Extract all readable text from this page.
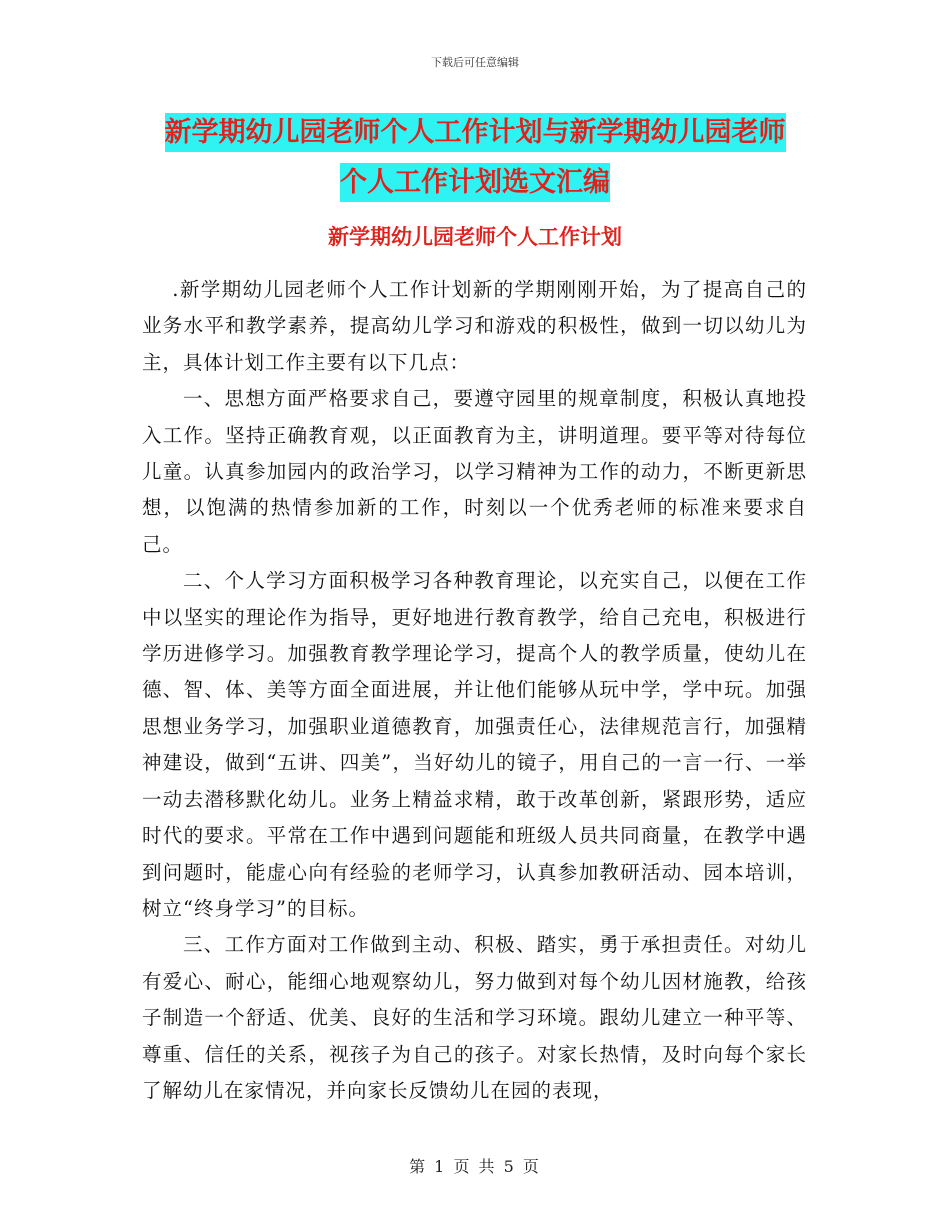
下载后可任意编辑
新学期幼儿园老师个人工作计划与新学期幼儿园老师
个人工作计划选文汇编
新学期幼儿园老师个人工作计划

.新学期幼儿园老师个人工作计划新的学期刚刚开始，为了提高自己的业务水平和教学素养，提高幼儿学习和游戏的积极性，做到一切以幼儿为主，具体计划工作主要有以下几点：

一、思想方面严格要求自己，要遵守园里的规章制度，积极认真地投入工作。坚持正确教育观，以正面教育为主，讲明道理。要平等对待每位儿童。认真参加园内的政治学习，以学习精神为工作的动力，不断更新思想，以饱满的热情参加新的工作，时刻以一个优秀老师的标准来要求自己。

二、个人学习方面积极学习各种教育理论，以充实自己，以便在工作中以坚实的理论作为指导，更好地进行教育教学，给自己充电，积极进行学历进修学习。加强教育教学理论学习，提高个人的教学质量，使幼儿在德、智、体、美等方面全面进展，并让他们能够从玩中学，学中玩。加强思想业务学习，加强职业道德教育，加强责任心，法律规范言行，加强精神建设，做到“五讲、四美”，当好幼儿的镜子，用自己的一言一行、一举一动去潜移默化幼儿。业务上精益求精，敢于改革创新，紧跟形势，适应时代的要求。平常在工作中遇到问题能和班级人员共同商量，在教学中遇到问题时，能虚心向有经验的老师学习，认真参加教研活动、园本培训，树立“终身学习”的目标。

三、工作方面对工作做到主动、积极、踏实，勇于承担责任。对幼儿有爱心、耐心，能细心地观察幼儿，努力做到对每个幼儿因材施教，给孩子制造一个舒适、优美、良好的生活和学习环境。跟幼儿建立一种平等、尊重、信任的关系，视孩子为自己的孩子。对家长热情，及时向每个家长了解幼儿在家情况，并向家长反馈幼儿在园的表现，

第 1 页 共 5 页
